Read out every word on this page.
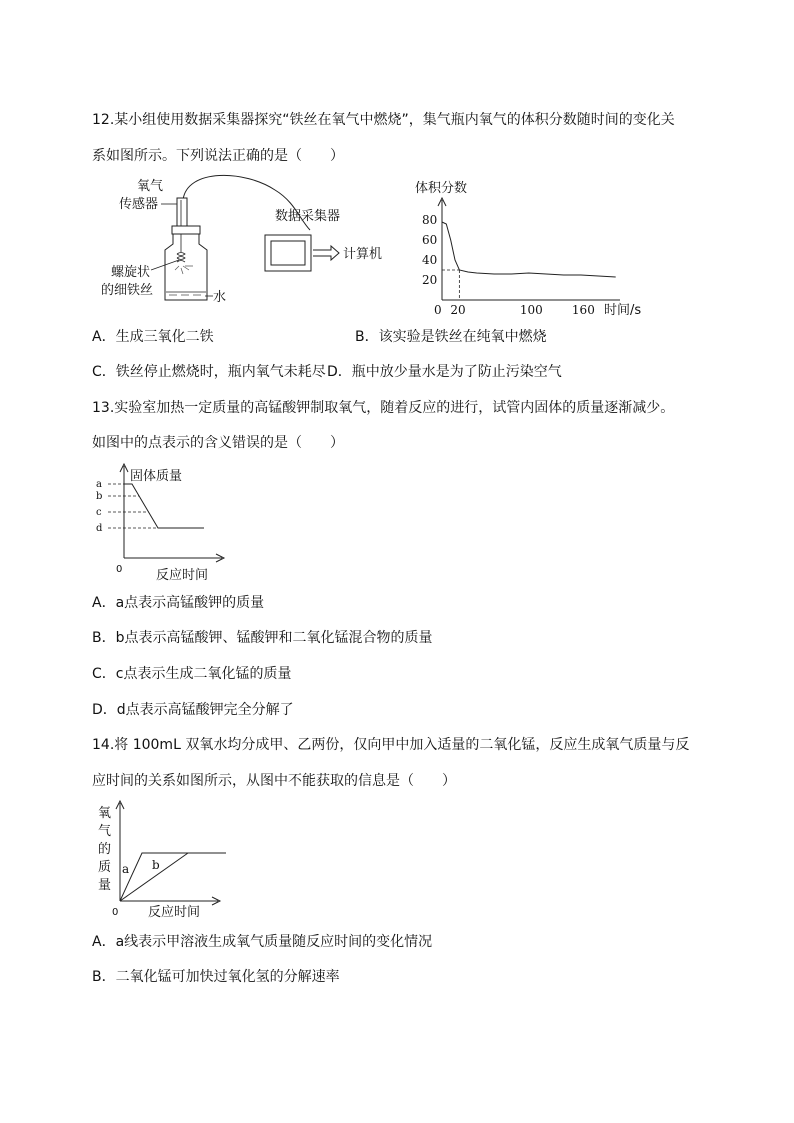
12.某小组使用数据采集器探究“铁丝在氧气中燃烧”，集气瓶内氧气的体积分数随时间的变化关
系如图所示。下列说法正确的是（　　）
氧气
传感器
螺旋状
的细铁丝	水
数据采集器
计算机
体积分数
时间/s
80
60
40
20
0 20	100 160
A．生成三氧化二铁	B．该实验是铁丝在纯氧中燃烧
C．铁丝停止燃烧时，瓶内氧气未耗尽 D．瓶中放少量水是为了防止污染空气
13.实验室加热一定质量的高锰酸钾制取氧气，随着反应的进行，试管内固体的质量逐渐减少。
如图中的点表示的含义错误的是（　　）
固体质量
反应时间
0
a
b
c
d
A．a点表示高锰酸钾的质量
B．b点表示高锰酸钾、锰酸钾和二氧化锰混合物的质量
C．c点表示生成二氧化锰的质量
D．d点表示高锰酸钾完全分解了
14.将 100mL 双氧水均分成甲、乙两份，仅向甲中加入适量的二氧化锰，反应生成氧气质量与反
应时间的关系如图所示，从图中不能获取的信息是（　　）
氧
气
的
质
量
0 反应时间
a b
A．a线表示甲溶液生成氧气质量随反应时间的变化情况
B．二氧化锰可加快过氧化氢的分解速率
